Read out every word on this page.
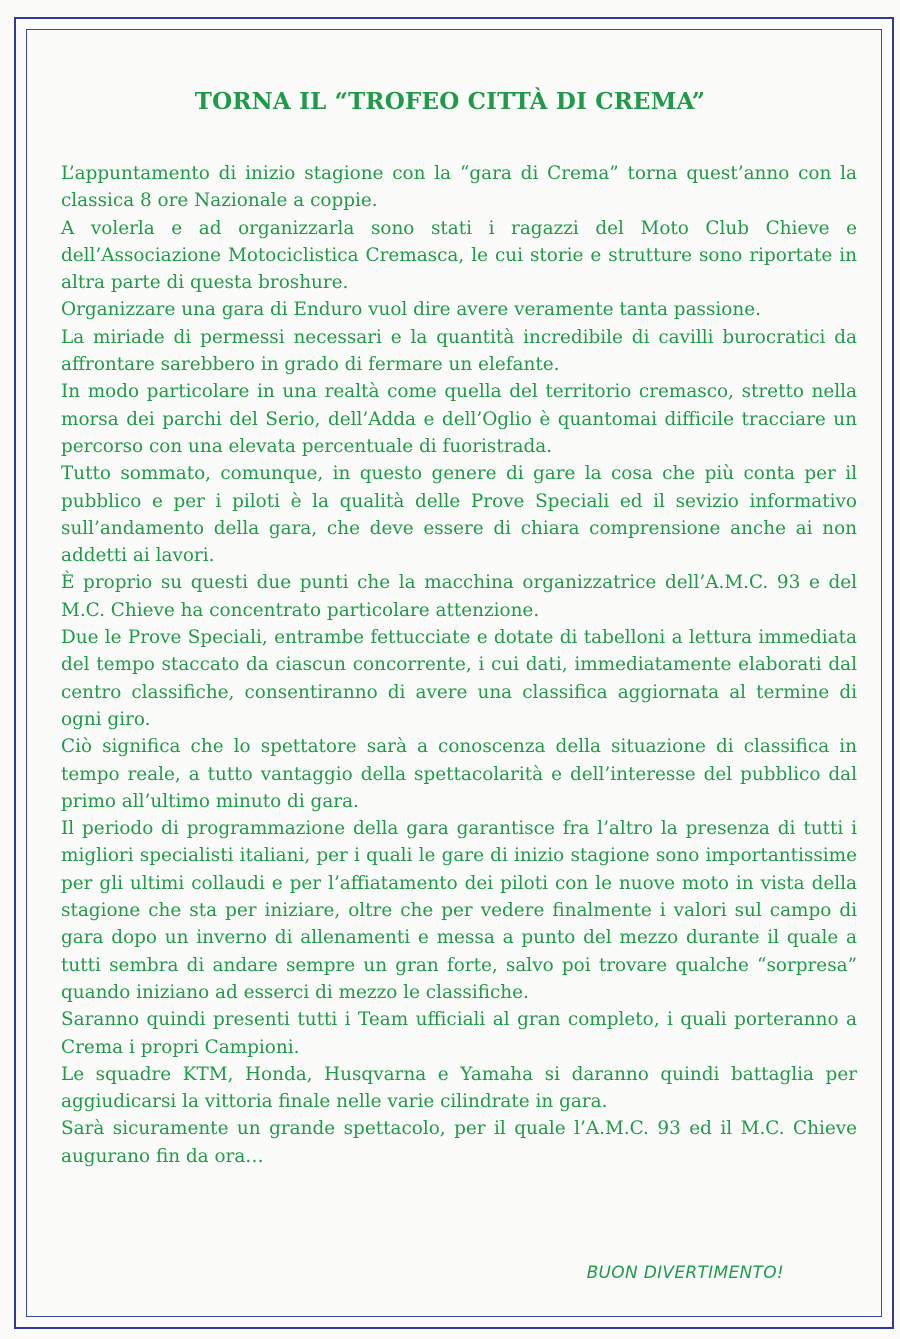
TORNA IL “TROFEO CITTÀ DI CREMA”

L’appuntamento di inizio stagione con la “gara di Crema” torna quest’anno con la classica 8 ore Nazionale a coppie.

A volerla e ad organizzarla sono stati i ragazzi del Moto Club Chieve e dell’Associazione Motociclistica Cremasca, le cui storie e strutture sono riportate in altra parte di questa broshure.

Organizzare una gara di Enduro vuol dire avere veramente tanta passione.

La miriade di permessi necessari e la quantità incredibile di cavilli burocratici da affrontare sarebbero in grado di fermare un elefante.

In modo particolare in una realtà come quella del territorio cremasco, stretto nella morsa dei parchi del Serio, dell’Adda e dell’Oglio è quantomai difficile tracciare un percorso con una elevata percentuale di fuoristrada.

Tutto sommato, comunque, in questo genere di gare la cosa che più conta per il pubblico e per i piloti è la qualità delle Prove Speciali ed il sevizio informativo sull’andamento della gara, che deve essere di chiara comprensione anche ai non addetti ai lavori.

È proprio su questi due punti che la macchina organizzatrice dell’A.M.C. 93 e del M.C. Chieve ha concentrato particolare attenzione.

Due le Prove Speciali, entrambe fettucciate e dotate di tabelloni a lettura immediata del tempo staccato da ciascun concorrente, i cui dati, immediatamente elaborati dal centro classifiche, consentiranno di avere una classifica aggiornata al termine di ogni giro.

Ciò significa che lo spettatore sarà a conoscenza della situazione di classifica in tempo reale, a tutto vantaggio della spettacolarità e dell’interesse del pubblico dal primo all’ultimo minuto di gara.

Il periodo di programmazione della gara garantisce fra l’altro la presenza di tutti i migliori specialisti italiani, per i quali le gare di inizio stagione sono importantissime per gli ultimi collaudi e per l’affiatamento dei piloti con le nuove moto in vista della stagione che sta per iniziare, oltre che per vedere finalmente i valori sul campo di gara dopo un inverno di allenamenti e messa a punto del mezzo durante il quale a tutti sembra di andare sempre un gran forte, salvo poi trovare qualche “sorpresa” quando iniziano ad esserci di mezzo le classifiche.

Saranno quindi presenti tutti i Team ufficiali al gran completo, i quali porteranno a Crema i propri Campioni.

Le squadre KTM, Honda, Husqvarna e Yamaha si daranno quindi battaglia per aggiudicarsi la vittoria finale nelle varie cilindrate in gara.

Sarà sicuramente un grande spettacolo, per il quale l’A.M.C. 93 ed il M.C. Chieve augurano fin da ora…

BUON DIVERTIMENTO!
